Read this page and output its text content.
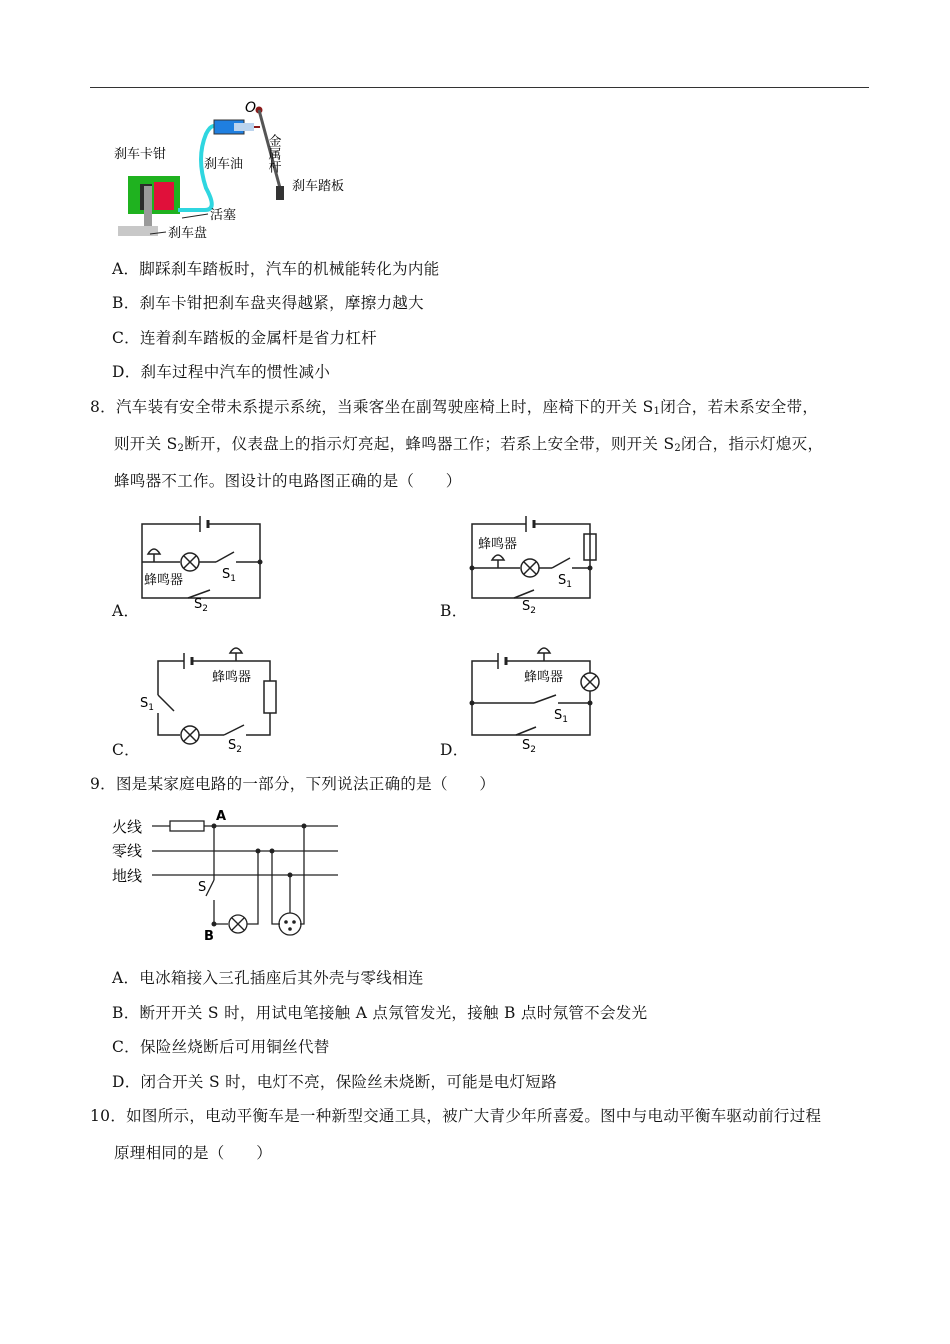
O
金属杆
刹车卡钳
刹车油
刹车踏板
活塞
刹车盘
A．脚踩刹车踏板时，汽车的机械能转化为内能
B．刹车卡钳把刹车盘夹得越紧，摩擦力越大
C．连着刹车踏板的金属杆是省力杠杆
D．刹车过程中汽车的惯性减小
8．汽车装有安全带未系提示系统，当乘客坐在副驾驶座椅上时，座椅下的开关 $S_1$闭合，若未系安全带，
则开关 $S_2$断开，仪表盘上的指示灯亮起，蜂鸣器工作；若系上安全带，则开关 $S_2$闭合，指示灯熄灭，
蜂鸣器不工作。图设计的电路图正确的是（　　）
蜂鸣器	$S_1$
$S_2$
A．
蜂鸣器
$S_1$
$S_2$
B．
蜂鸣器
$S_1$
$S_2$
C．
蜂鸣器
$S_1$
$S_2$
D．
9．图是某家庭电路的一部分，下列说法正确的是（　　）
火线
零线
地线
A
S
B
A．电冰箱接入三孔插座后其外壳与零线相连
B．断开开关 S 时，用试电笔接触 A 点氖管发光，接触 B 点时氖管不会发光
C．保险丝烧断后可用铜丝代替
D．闭合开关 S 时，电灯不亮，保险丝未烧断，可能是电灯短路
10．如图所示，电动平衡车是一种新型交通工具，被广大青少年所喜爱。图中与电动平衡车驱动前行过程
原理相同的是（　　）
